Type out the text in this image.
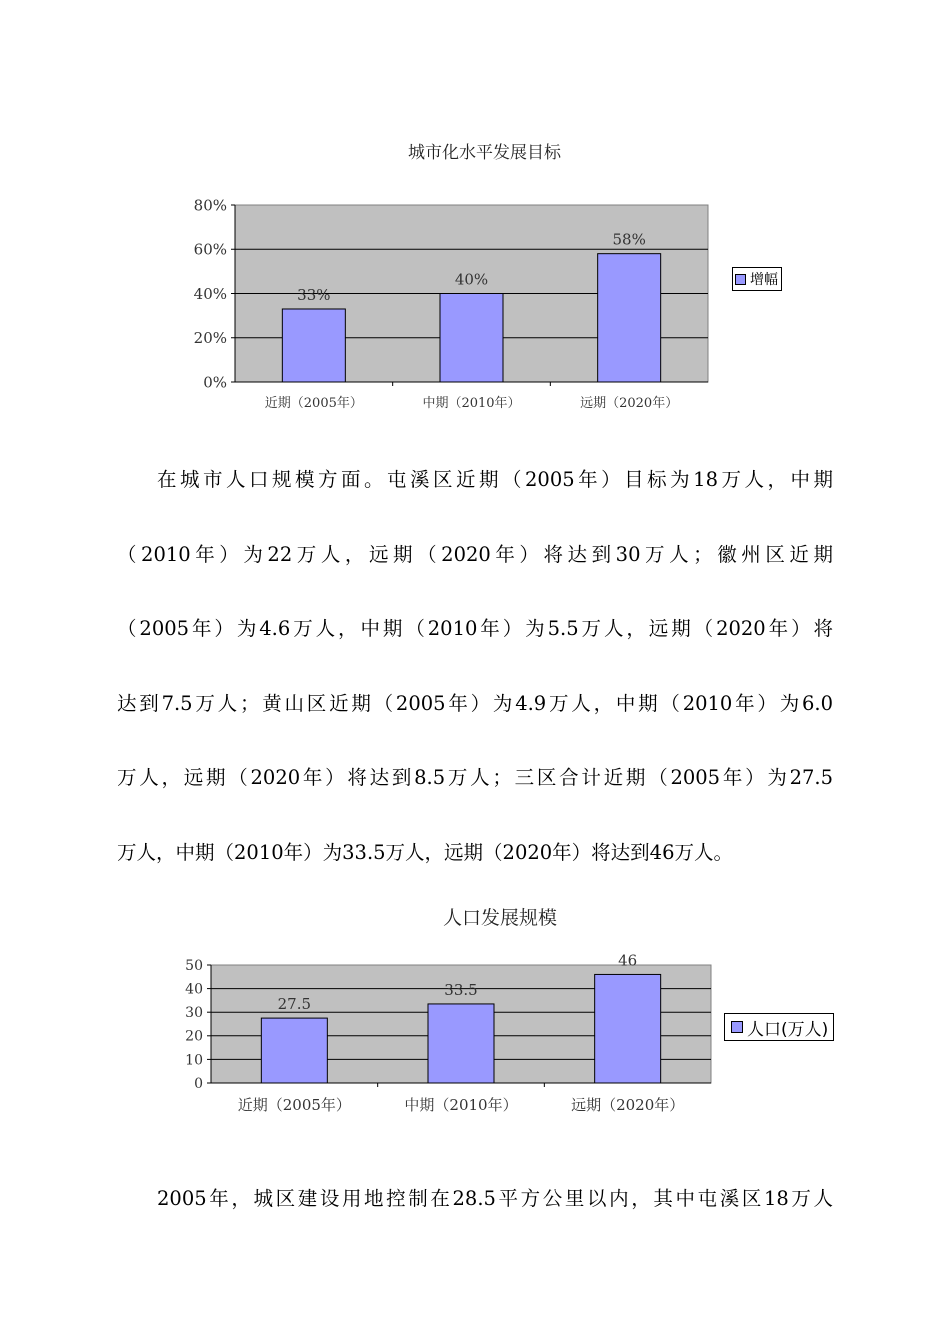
城市化水平发展目标
0%
20%
40%
60%
80%
33%
近期（2005年）
40%
中期（2010年）
58%
远期（2020年）
增幅
在城市人口规模方面。屯溪区近期（2005年）目标为18万人，中期
（2010年）为22万人，远期（2020年）将达到30万人；徽州区近期
（2005年）为4.6万人，中期（2010年）为5.5万人，远期（2020年）将
达到7.5万人；黄山区近期（2005年）为4.9万人，中期（2010年）为6.0
万人，远期（2020年）将达到8.5万人；三区合计近期（2005年）为27.5
万人，中期（2010年）为33.5万人，远期（2020年）将达到46万人。
人口发展规模
0
10
20
30
40
50
27.5
近期（2005年）
33.5
中期（2010年）
46
远期（2020年）
人口(万人)
2005年，城区建设用地控制在28.5平方公里以内，其中屯溪区18万人
